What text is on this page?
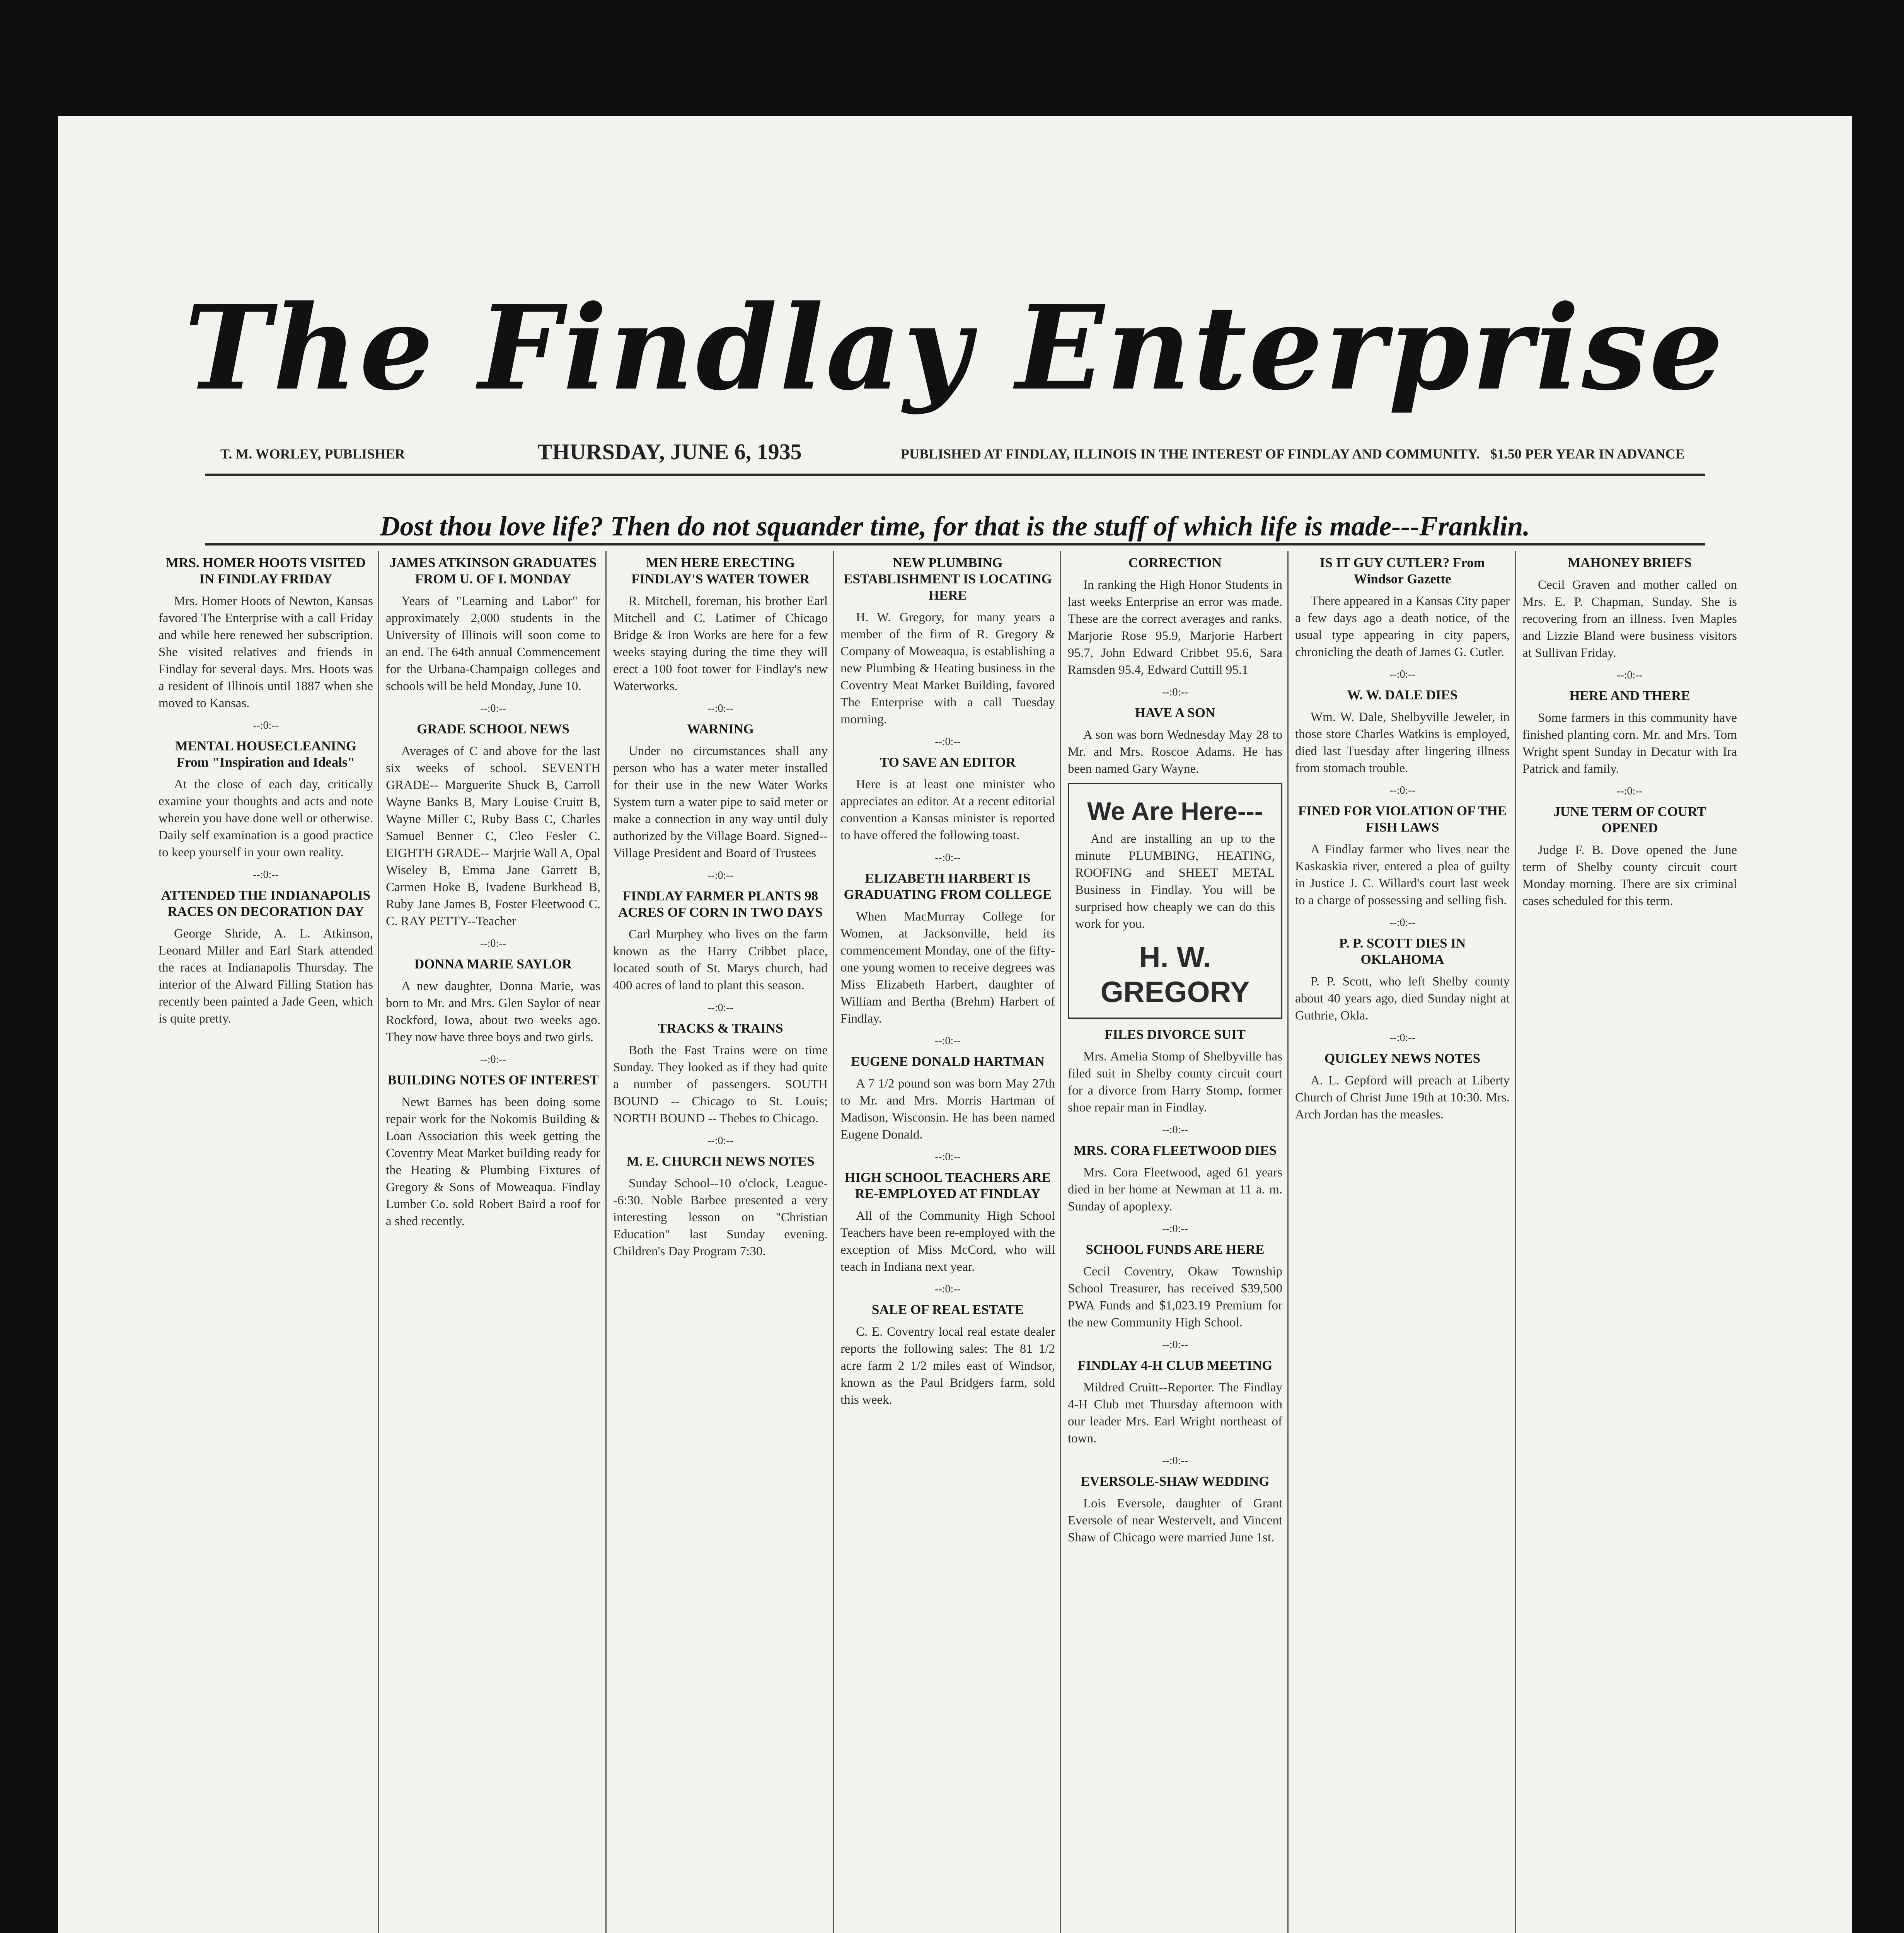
The Findlay Enterprise
T. M. WORLEY, PUBLISHER	THURSDAY, JUNE 6, 1935	PUBLISHED AT FINDLAY, ILLINOIS IN THE INTEREST OF FINDLAY AND COMMUNITY. $1.50 PER YEAR IN ADVANCE
Dost thou love life? Then do not squander time, for that is the stuff of which life is made---Franklin.
MRS. HOMER HOOTS VISITED IN FINDLAY FRIDAY

Mrs. Homer Hoots of Newton, Kansas favored The Enterprise with a call Friday and while here renewed her subscription. She visited relatives and friends in Findlay for several days. Mrs. Hoots was a resident of Illinois until 1887 when she moved to Kansas.

--:0:--
MENTAL HOUSECLEANING From "Inspiration and Ideals"

At the close of each day, critically examine your thoughts and acts and note wherein you have done well or otherwise. Daily self examination is a good practice to keep yourself in your own reality.

--:0:--
ATTENDED THE INDIANAPOLIS RACES ON DECORATION DAY

George Shride, A. L. Atkinson, Leonard Miller and Earl Stark attended the races at Indianapolis Thursday. The interior of the Alward Filling Station has recently been painted a Jade Geen, which is quite pretty.

JAMES ATKINSON GRADUATES FROM U. OF I. MONDAY

Years of "Learning and Labor" for approximately 2,000 students in the University of Illinois will soon come to an end. The 64th annual Commencement for the Urbana-Champaign colleges and schools will be held Monday, June 10.

--:0:--
GRADE SCHOOL NEWS

Averages of C and above for the last six weeks of school. SEVENTH GRADE-- Marguerite Shuck B, Carroll Wayne Banks B, Mary Louise Cruitt B, Wayne Miller C, Ruby Bass C, Charles Samuel Benner C, Cleo Fesler C. EIGHTH GRADE-- Marjrie Wall A, Opal Wiseley B, Emma Jane Garrett B, Carmen Hoke B, Ivadene Burkhead B, Ruby Jane James B, Foster Fleetwood C. C. RAY PETTY--Teacher

--:0:--
DONNA MARIE SAYLOR

A new daughter, Donna Marie, was born to Mr. and Mrs. Glen Saylor of near Rockford, Iowa, about two weeks ago. They now have three boys and two girls.

--:0:--
BUILDING NOTES OF INTEREST

Newt Barnes has been doing some repair work for the Nokomis Building & Loan Association this week getting the Coventry Meat Market building ready for the Heating & Plumbing Fixtures of Gregory & Sons of Moweaqua. Findlay Lumber Co. sold Robert Baird a roof for a shed recently.

MEN HERE ERECTING FINDLAY'S WATER TOWER

R. Mitchell, foreman, his brother Earl Mitchell and C. Latimer of Chicago Bridge & Iron Works are here for a few weeks staying during the time they will erect a 100 foot tower for Findlay's new Waterworks.

--:0:--
WARNING

Under no circumstances shall any person who has a water meter installed for their use in the new Water Works System turn a water pipe to said meter or make a connection in any way until duly authorized by the Village Board. Signed-- Village President and Board of Trustees

--:0:--
FINDLAY FARMER PLANTS 98 ACRES OF CORN IN TWO DAYS

Carl Murphey who lives on the farm known as the Harry Cribbet place, located south of St. Marys church, had 400 acres of land to plant this season.

--:0:--
TRACKS & TRAINS

Both the Fast Trains were on time Sunday. They looked as if they had quite a number of passengers. SOUTH BOUND -- Chicago to St. Louis; NORTH BOUND -- Thebes to Chicago.

--:0:--
M. E. CHURCH NEWS NOTES

Sunday School--10 o'clock, League--6:30. Noble Barbee presented a very interesting lesson on "Christian Education" last Sunday evening. Children's Day Program 7:30.

NEW PLUMBING ESTABLISHMENT IS LOCATING HERE

H. W. Gregory, for many years a member of the firm of R. Gregory & Company of Moweaqua, is establishing a new Plumbing & Heating business in the Coventry Meat Market Building, favored The Enterprise with a call Tuesday morning.

--:0:--
TO SAVE AN EDITOR

Here is at least one minister who appreciates an editor. At a recent editorial convention a Kansas minister is reported to have offered the following toast.

--:0:--
ELIZABETH HARBERT IS GRADUATING FROM COLLEGE

When MacMurray College for Women, at Jacksonville, held its commencement Monday, one of the fifty-one young women to receive degrees was Miss Elizabeth Harbert, daughter of William and Bertha (Brehm) Harbert of Findlay.

--:0:--
EUGENE DONALD HARTMAN

A 7 1/2 pound son was born May 27th to Mr. and Mrs. Morris Hartman of Madison, Wisconsin. He has been named Eugene Donald.

--:0:--
HIGH SCHOOL TEACHERS ARE RE-EMPLOYED AT FINDLAY

All of the Community High School Teachers have been re-employed with the exception of Miss McCord, who will teach in Indiana next year.

--:0:--
SALE OF REAL ESTATE

C. E. Coventry local real estate dealer reports the following sales: The 81 1/2 acre farm 2 1/2 miles east of Windsor, known as the Paul Bridgers farm, sold this week.

CORRECTION

In ranking the High Honor Students in last weeks Enterprise an error was made. These are the correct averages and ranks. Marjorie Rose 95.9, Marjorie Harbert 95.7, John Edward Cribbet 95.6, Sara Ramsden 95.4, Edward Cuttill 95.1

--:0:--
HAVE A SON

A son was born Wednesday May 28 to Mr. and Mrs. Roscoe Adams. He has been named Gary Wayne.

We Are Here---

And are installing an up to the minute PLUMBING, HEATING, ROOFING and SHEET METAL Business in Findlay. You will be surprised how cheaply we can do this work for you.

H. W. GREGORY
FILES DIVORCE SUIT

Mrs. Amelia Stomp of Shelbyville has filed suit in Shelby county circuit court for a divorce from Harry Stomp, former shoe repair man in Findlay.

--:0:--
MRS. CORA FLEETWOOD DIES

Mrs. Cora Fleetwood, aged 61 years died in her home at Newman at 11 a. m. Sunday of apoplexy.

--:0:--
SCHOOL FUNDS ARE HERE

Cecil Coventry, Okaw Township School Treasurer, has received $39,500 PWA Funds and $1,023.19 Premium for the new Community High School.

--:0:--
FINDLAY 4-H CLUB MEETING

Mildred Cruitt--Reporter. The Findlay 4-H Club met Thursday afternoon with our leader Mrs. Earl Wright northeast of town.

--:0:--
EVERSOLE-SHAW WEDDING

Lois Eversole, daughter of Grant Eversole of near Westervelt, and Vincent Shaw of Chicago were married June 1st.

IS IT GUY CUTLER? From Windsor Gazette

There appeared in a Kansas City paper a few days ago a death notice, of the usual type appearing in city papers, chronicling the death of James G. Cutler.

--:0:--
W. W. DALE DIES

Wm. W. Dale, Shelbyville Jeweler, in those store Charles Watkins is employed, died last Tuesday after lingering illness from stomach trouble.

--:0:--
FINED FOR VIOLATION OF THE FISH LAWS

A Findlay farmer who lives near the Kaskaskia river, entered a plea of guilty in Justice J. C. Willard's court last week to a charge of possessing and selling fish.

--:0:--
P. P. SCOTT DIES IN OKLAHOMA

P. P. Scott, who left Shelby county about 40 years ago, died Sunday night at Guthrie, Okla.

--:0:--
QUIGLEY NEWS NOTES

A. L. Gepford will preach at Liberty Church of Christ June 19th at 10:30. Mrs. Arch Jordan has the measles.

MAHONEY BRIEFS

Cecil Graven and mother called on Mrs. E. P. Chapman, Sunday. She is recovering from an illness. Iven Maples and Lizzie Bland were business visitors at Sullivan Friday.

--:0:--
HERE AND THERE

Some farmers in this community have finished planting corn. Mr. and Mrs. Tom Wright spent Sunday in Decatur with Ira Patrick and family.

--:0:--
JUNE TERM OF COURT OPENED

Judge F. B. Dove opened the June term of Shelby county circuit court Monday morning. There are six criminal cases scheduled for this term.
